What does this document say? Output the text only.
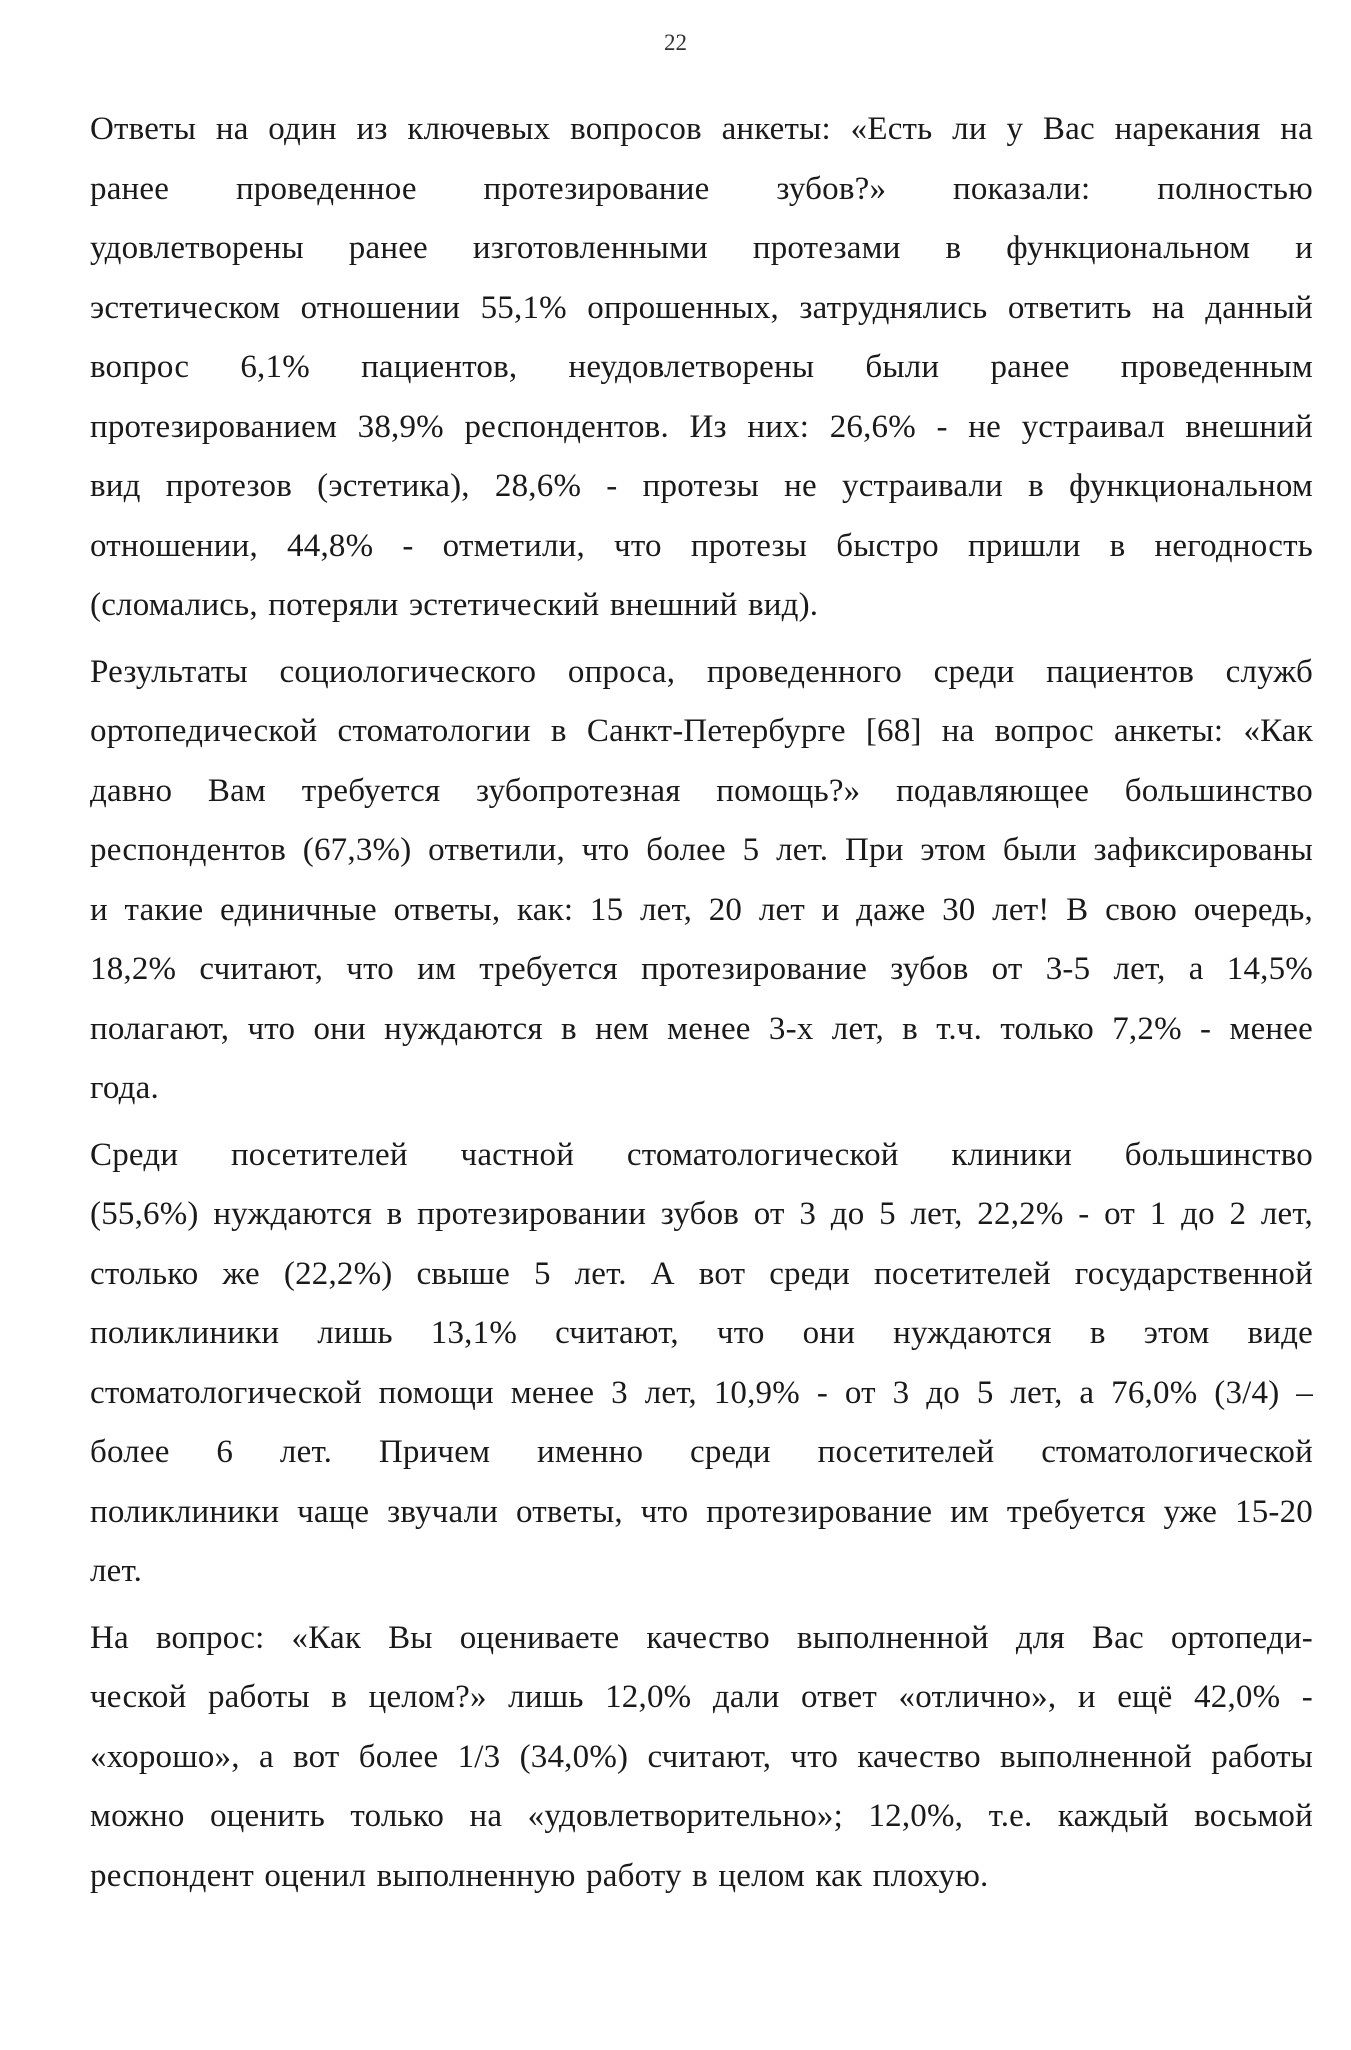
22

Ответы на один из ключевых вопросов анкеты: «Есть ли у Вас нарекания на
ранее проведенное протезирование зубов?» показали: полностью
удовлетворены ранее изготовленными протезами в функциональном и
эстетическом отношении 55,1% опрошенных, затруднялись ответить на данный
вопрос 6,1% пациентов, неудовлетворены были ранее проведенным
протезированием 38,9% респондентов. Из них: 26,6% - не устраивал внешний
вид протезов (эстетика), 28,6% - протезы не устраивали в функциональном
отношении, 44,8% - отметили, что протезы быстро пришли в негодность
(сломались, потеряли эстетический внешний вид).

Результаты социологического опроса, проведенного среди пациентов служб
ортопедической стоматологии в Санкт-Петербурге [68] на вопрос анкеты: «Как
давно Вам требуется зубопротезная помощь?» подавляющее большинство
респондентов (67,3%) ответили, что более 5 лет. При этом были зафиксированы
и такие единичные ответы, как: 15 лет, 20 лет и даже 30 лет! В свою очередь,
18,2% считают, что им требуется протезирование зубов от 3-5 лет, а 14,5%
полагают, что они нуждаются в нем менее 3-х лет, в т.ч. только 7,2% - менее
года.

Среди посетителей частной стоматологической клиники большинство
(55,6%) нуждаются в протезировании зубов от 3 до 5 лет, 22,2% - от 1 до 2 лет,
столько же (22,2%) свыше 5 лет. А вот среди посетителей государственной
поликлиники лишь 13,1% считают, что они нуждаются в этом виде
стоматологической помощи менее 3 лет, 10,9% - от 3 до 5 лет, а 76,0% (3/4) –
более 6 лет. Причем именно среди посетителей стоматологической
поликлиники чаще звучали ответы, что протезирование им требуется уже 15-20
лет.

На вопрос: «Как Вы оцениваете качество выполненной для Вас ортопеди-
ческой работы в целом?» лишь 12,0% дали ответ «отлично», и ещё 42,0% -
«хорошо», а вот более 1/3 (34,0%) считают, что качество выполненной работы
можно оценить только на «удовлетворительно»; 12,0%, т.е. каждый восьмой
респондент оценил выполненную работу в целом как плохую.
